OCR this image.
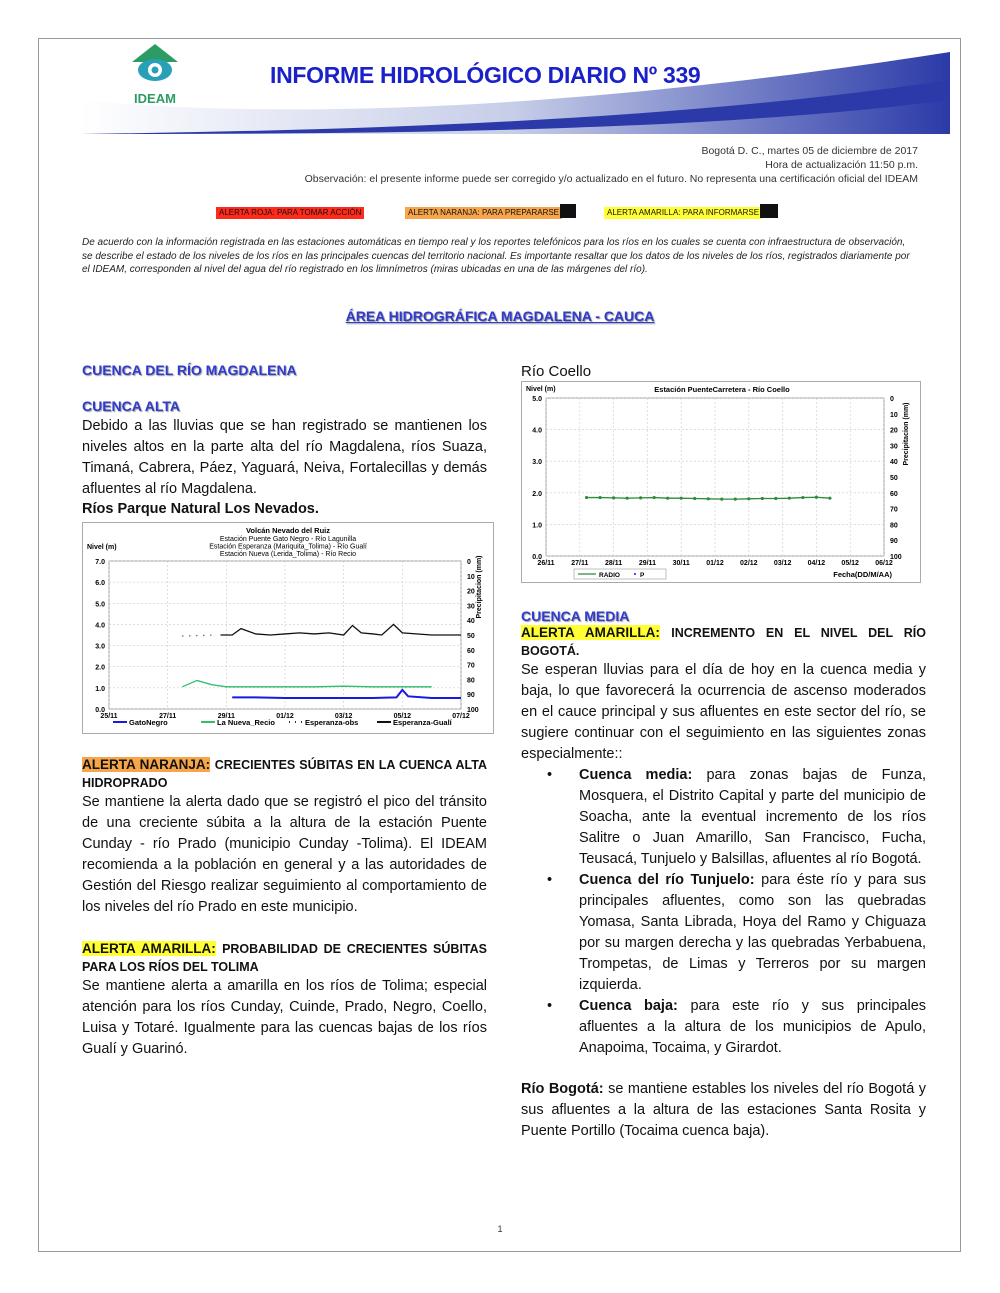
IDEAM
INFORME HIDROLÓGICO DIARIO Nº 339
Bogotá D. C., martes 05 de diciembre de 2017
Hora de actualización 11:50 p.m.
Observación: el presente informe puede ser corregido y/o actualizado en el futuro. No representa una certificación oficial del IDEAM
ALERTA ROJA: PARA TOMAR ACCIÓN	ALERTA NARANJA: PARA PREPARARSE	ALERTA AMARILLA: PARA INFORMARSE
De acuerdo con la información registrada en las estaciones automáticas en tiempo real y los reportes telefónicos para los ríos en los cuales se cuenta con infraestructura de observación, se describe el estado de los niveles de los ríos en las principales cuencas del territorio nacional. Es importante resaltar que los datos de los niveles de los ríos, registrados diariamente por el IDEAM, corresponden al nivel del agua del río registrado en los limnímetros (miras ubicadas en una de las márgenes del río).
ÁREA HIDROGRÁFICA MAGDALENA - CAUCA
CUENCA DEL RÍO MAGDALENA
CUENCA ALTA
Debido a las lluvias que se han registrado se mantienen los niveles altos en la parte alta del río Magdalena, ríos Suaza, Timaná, Cabrera, Páez, Yaguará, Neiva, Fortalecillas y demás afluentes al río Magdalena.
Ríos Parque Natural Los Nevados.
Volcán Nevado del Ruiz
Estación Puente Gato Negro - Río Lagunilla
Estación Esperanza (Mariquita_Tolima) - Río Gualí
Estación Nueva (Lerida_Tolima) - Río Recio
0.0
1.0
2.0
3.0
4.0
5.0
6.0
7.0	0
10
20
30
40
50
60
70
80
90
100
25/11	27/11	29/11	01/12	03/12	05/12	07/12
Nivel (m)
Precipitacion (mm)
GatoNegro	La Nueva_Recio	Esperanza-obs	Esperanza-Gualí
ALERTA NARANJA: CRECIENTES SÚBITAS EN LA CUENCA ALTA HIDROPRADO
Se mantiene la alerta dado que se registró el pico del tránsito de una creciente súbita a la altura de la estación Puente Cunday - río Prado (municipio Cunday -Tolima). El IDEAM recomienda a la población en general y a las autoridades de Gestión del Riesgo realizar seguimiento al comportamiento de los niveles del río Prado en este municipio.
ALERTA AMARILLA: PROBABILIDAD DE CRECIENTES SÚBITAS PARA LOS RÍOS DEL TOLIMA
Se mantiene alerta a amarilla en los ríos de Tolima; especial atención para los ríos Cunday, Cuinde, Prado, Negro, Coello, Luisa y Totaré. Igualmente para las cuencas bajas de los ríos Gualí y Guarinó.
Río Coello
Estación PuenteCarretera - Río Coello
0.0
1.0
2.0
3.0
4.0
5.0	0
10
20
30
40
50
60
70
80
90
100
26/11 27/11 28/11 29/11 30/11 01/12 02/12 03/12 04/12 05/12 06/12
Nivel (m)
Precipitacion (mm)
RADIO	P	Fecha(DD/M/AA)
CUENCA MEDIA
ALERTA AMARILLA: INCREMENTO EN EL NIVEL DEL RÍO BOGOTÁ.
Se esperan lluvias para el día de hoy en la cuenca media y baja, lo que favorecerá la ocurrencia de ascenso moderados en el cauce principal y sus afluentes en este sector del río, se sugiere continuar con el seguimiento en las siguientes zonas especialmente::
• Cuenca media: para zonas bajas de Funza, Mosquera, el Distrito Capital y parte del municipio de Soacha, ante la eventual incremento de los ríos Salitre o Juan Amarillo, San Francisco, Fucha, Teusacá, Tunjuelo y Balsillas, afluentes al río Bogotá.
• Cuenca del río Tunjuelo: para éste río y para sus principales afluentes, como son las quebradas Yomasa, Santa Librada, Hoya del Ramo y Chiguaza por su margen derecha y las quebradas Yerbabuena, Trompetas, de Limas y Terreros por su margen izquierda.
• Cuenca baja: para este río y sus principales afluentes a la altura de los municipios de Apulo, Anapoima, Tocaima, y Girardot.
Río Bogotá: se mantiene estables los niveles del río Bogotá y sus afluentes a la altura de las estaciones Santa Rosita y Puente Portillo (Tocaima cuenca baja).
1
